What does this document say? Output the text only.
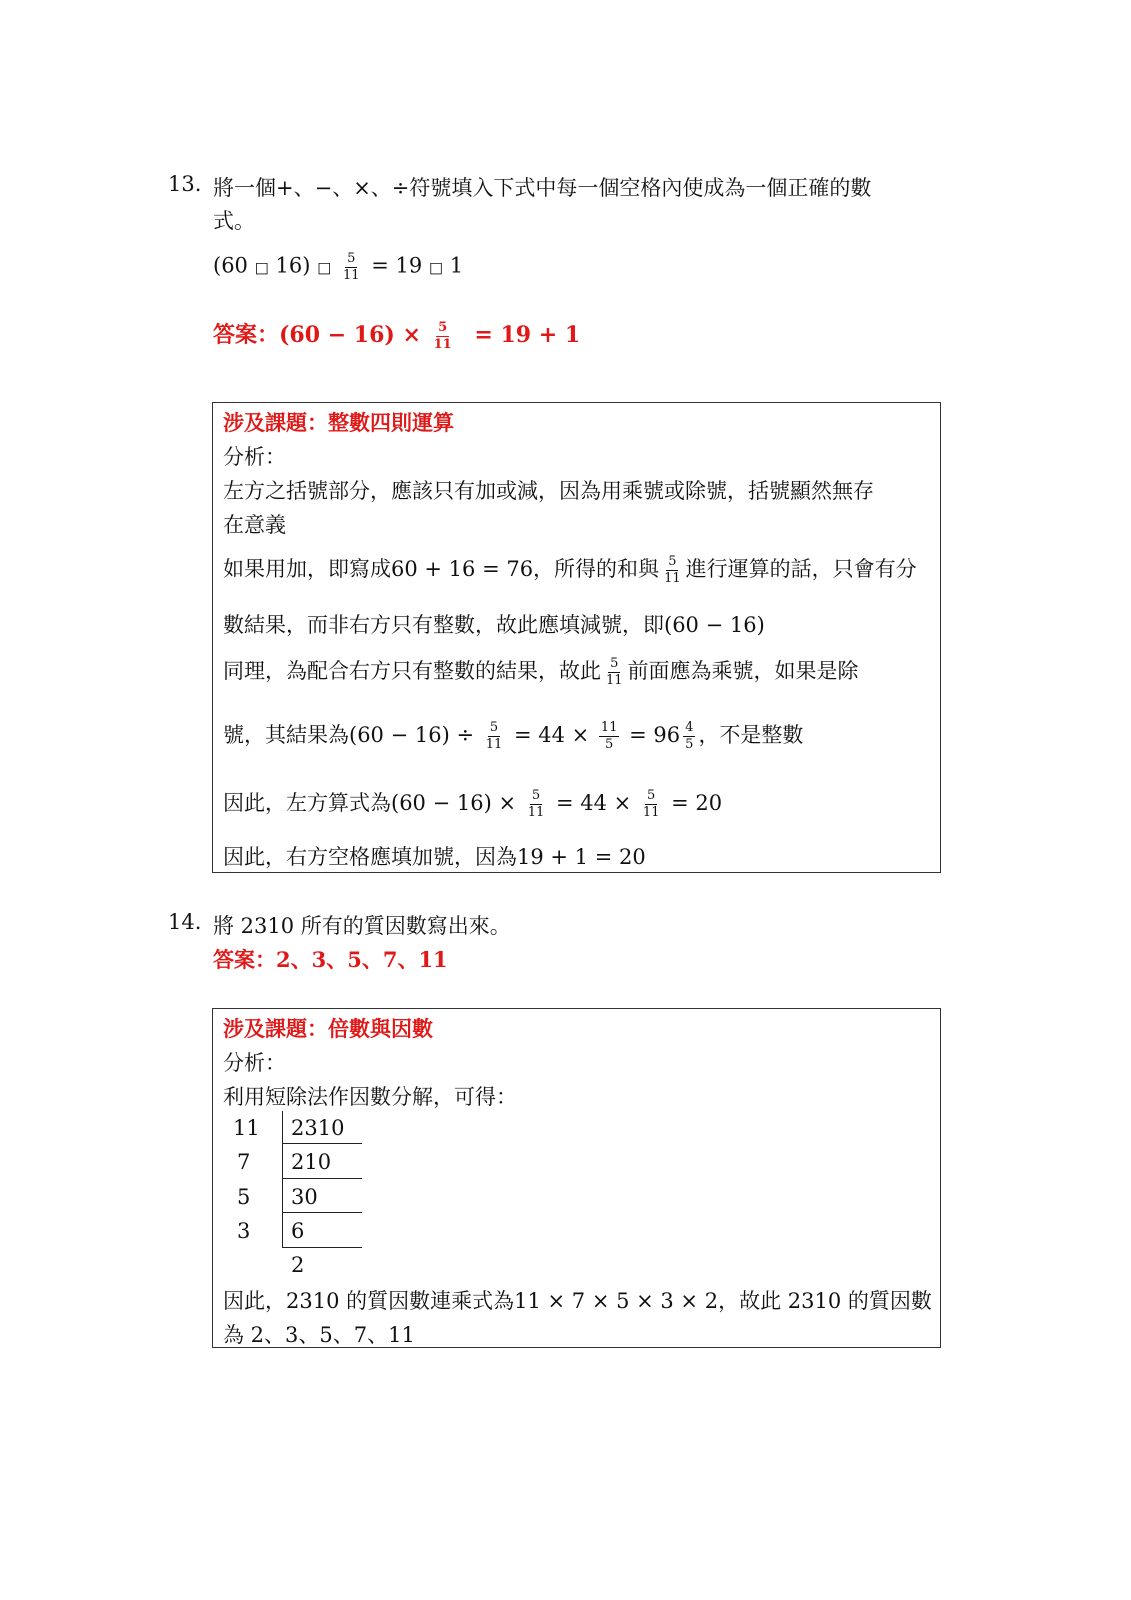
13. 將一個+、−、×、÷符號填入下式中每一個空格內使成為一個正確的數
式。
(60 □ 16) □ $\frac{5}{11} = 19$ □ 1
答案：$(60 - 16) \times \frac{5}{11} = 19 + 1$
涉及課題：整數四則運算
分析：
左方之括號部分，應該只有加或減，因為用乘號或除號，括號顯然無存
在意義
如果用加，即寫成60 + 16 = 76，所得的和與 $\frac{5}{11}$ 進行運算的話，只會有分
數結果，而非右方只有整數，故此應填減號，即(60 − 16)
同理，為配合右方只有整數的結果，故此 $\frac{5}{11}$ 前面應為乘號，如果是除
號，其結果為$(60 - 16) \div \frac{5}{11} = 44 \times \frac{11}{5} = 96 \frac{4}{5}$ ，不是整數
因此，左方算式為$(60 - 16) \times \frac{5}{11} = 44 \times \frac{5}{11} = 20$
因此，右方空格應填加號，因為19 + 1 = 20
14. 將 2310 所有的質因數寫出來。
答案：2、3、5、7、11
涉及課題：倍數與因數
分析：
利用短除法作因數分解，可得：
11 2310
7 210
5 30
3 6
2
因此，2310 的質因數連乘式為11 × 7 × 5 × 3 × 2，故此 2310 的質因數
為 2、3、5、7、11
